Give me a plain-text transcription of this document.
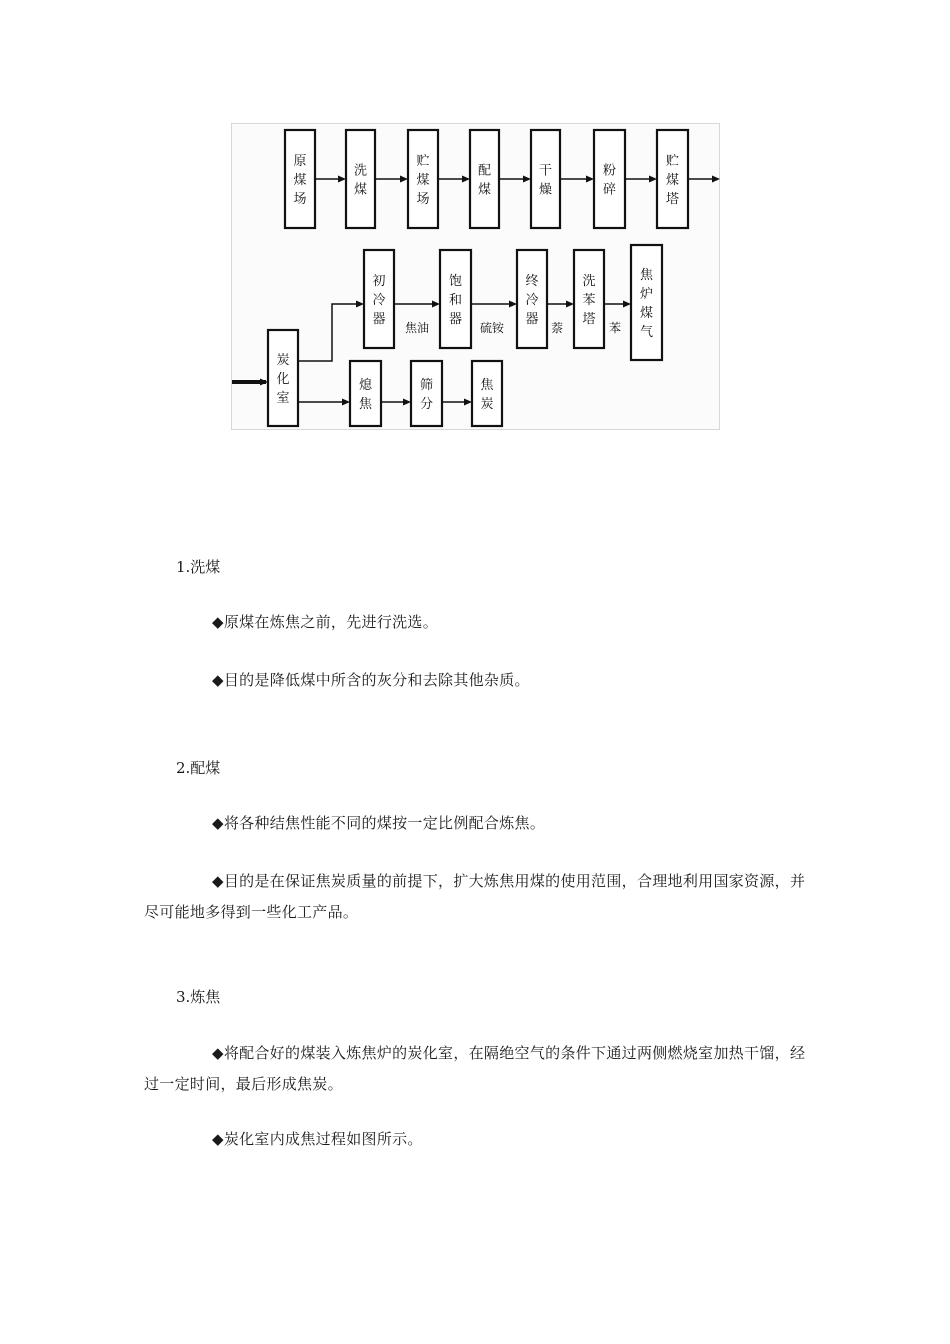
原煤场
洗煤
贮煤场
配煤
干燥
粉碎
贮煤塔
炭化室
初冷器
饱和器
终冷器
洗苯塔
焦炉煤气
熄焦
筛分
焦炭
焦油	硫铵	萘	苯
1.洗煤
◆原煤在炼焦之前，先进行洗选。
◆目的是降低煤中所含的灰分和去除其他杂质。
2.配煤
◆将各种结焦性能不同的煤按一定比例配合炼焦。
◆目的是在保证焦炭质量的前提下，扩大炼焦用煤的使用范围，合理地利用国家资源，并尽可能地多得到一些化工产品。
3.炼焦
◆将配合好的煤装入炼焦炉的炭化室，在隔绝空气的条件下通过两侧燃烧室加热干馏，经过一定时间，最后形成焦炭。
◆炭化室内成焦过程如图所示。
